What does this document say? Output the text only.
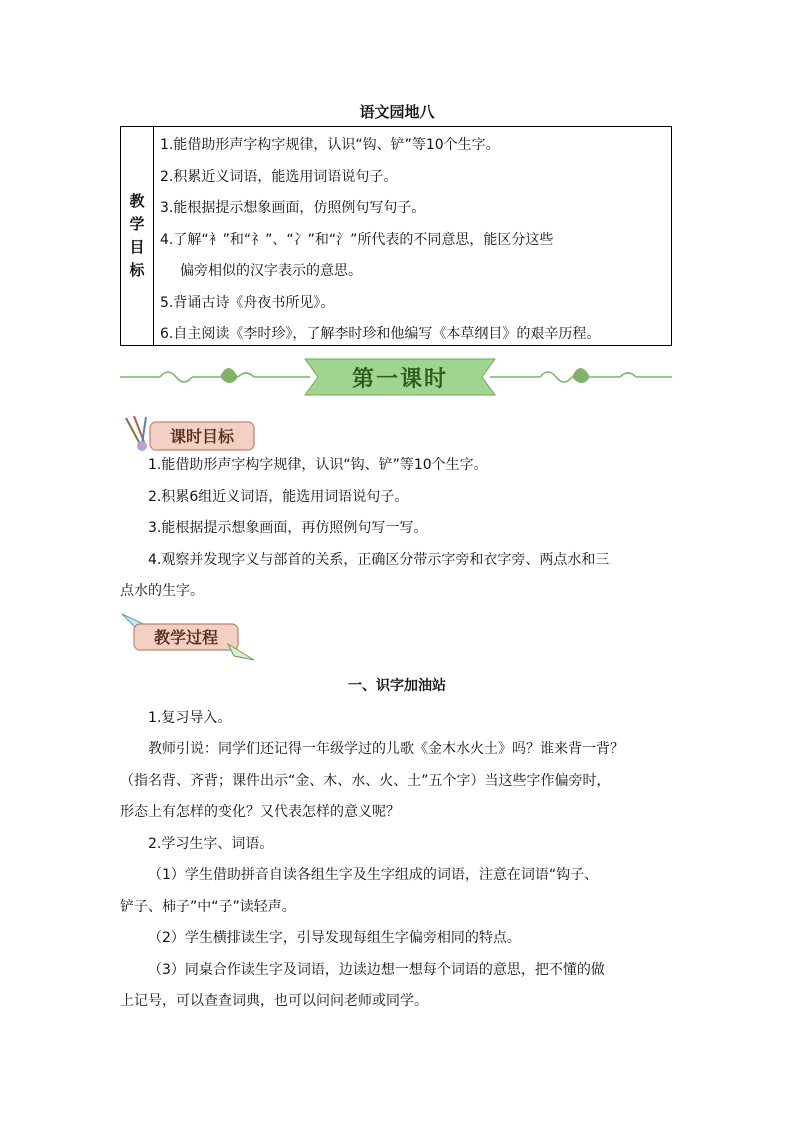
语文园地八
教
学
目
标
1.能借助形声字构字规律，认识“钩、铲”等10个生字。
2.积累近义词语，能选用词语说句子。
3.能根据提示想象画面，仿照例句写句子。
4.了解“衤”和“礻”、“冫”和“氵”所代表的不同意思，能区分这些
偏旁相似的汉字表示的意思。
5.背诵古诗《舟夜书所见》。
6.自主阅读《李时珍》，了解李时珍和他编写《本草纲目》的艰辛历程。
第一课时
课时目标
1.能借助形声字构字规律，认识“钩、铲”等10个生字。
2.积累6组近义词语，能选用词语说句子。
3.能根据提示想象画面，再仿照例句写一写。
4.观察并发现字义与部首的关系，正确区分带示字旁和衣字旁、两点水和三
点水的生字。
教学过程
一、识字加油站
1.复习导入。
教师引说：同学们还记得一年级学过的儿歌《金木水火土》吗？谁来背一背？
（指名背、齐背；课件出示“金、木、水、火、土”五个字）当这些字作偏旁时，
形态上有怎样的变化？又代表怎样的意义呢？
2.学习生字、词语。
（1）学生借助拼音自读各组生字及生字组成的词语，注意在词语“钩子、
铲子、柿子”中“子”读轻声。
（2）学生横排读生字，引导发现每组生字偏旁相同的特点。
（3）同桌合作读生字及词语，边读边想一想每个词语的意思，把不懂的做
上记号，可以查查词典，也可以问问老师或同学。
